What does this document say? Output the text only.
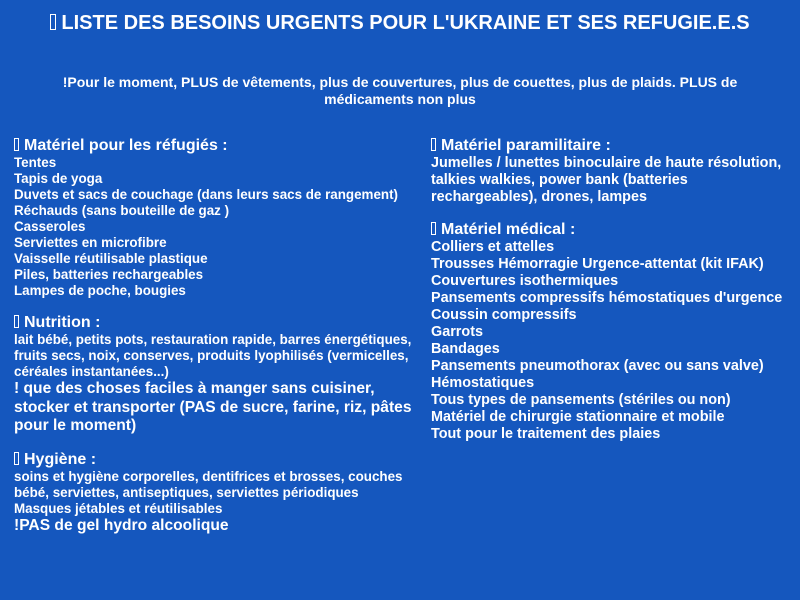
LISTE DES BESOINS URGENTS POUR L'UKRAINE ET SES REFUGIE.E.S
!Pour le moment, PLUS de vêtements, plus de couvertures, plus de couettes, plus de plaids. PLUS de médicaments non plus
Matériel pour les réfugiés :
Tentes
Tapis de yoga
Duvets et sacs de couchage (dans leurs sacs de rangement)
Réchauds (sans bouteille de gaz )
Casseroles
Serviettes en microfibre
Vaisselle réutilisable plastique
Piles, batteries rechargeables
Lampes de poche, bougies
Nutrition :
lait bébé, petits pots, restauration rapide, barres énergétiques, fruits secs, noix, conserves, produits lyophilisés (vermicelles, céréales instantanées...)
! que des choses faciles à manger sans cuisiner, stocker et transporter (PAS de sucre, farine, riz, pâtes pour le moment)
Hygiène :
soins et hygiène corporelles, dentifrices et brosses, couches bébé, serviettes, antiseptiques, serviettes périodiques
Masques jétables et réutilisables
!PAS de gel hydro alcoolique
Matériel paramilitaire :
Jumelles / lunettes binoculaire de haute résolution, talkies walkies, power bank (batteries rechargeables), drones, lampes
Matériel médical :
Colliers et attelles
Trousses Hémorragie Urgence-attentat (kit IFAK)
Couvertures isothermiques
Pansements compressifs hémostatiques d'urgence
Coussin compressifs
Garrots
Bandages
Pansements pneumothorax (avec ou sans valve)
Hémostatiques
Tous types de pansements (stériles ou non)
Matériel de chirurgie stationnaire et mobile
Tout pour le traitement des plaies
